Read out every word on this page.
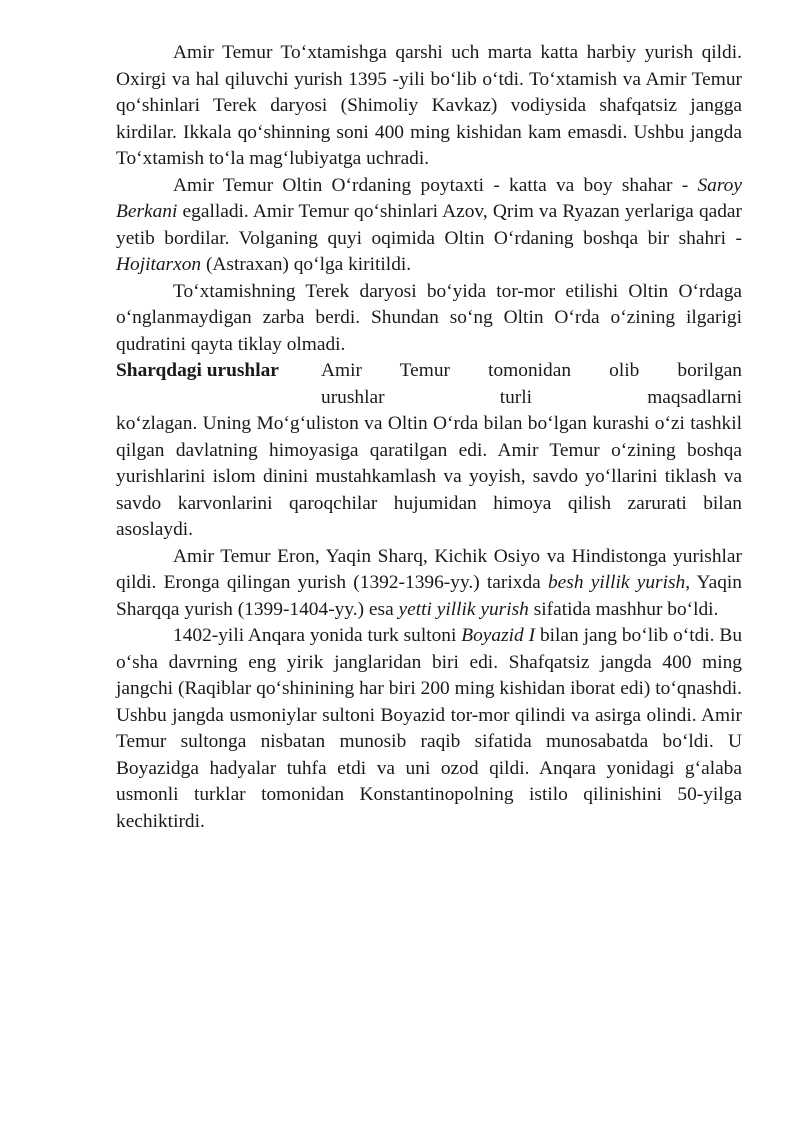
Amir Temur To‘xtamishga qarshi uch marta katta harbiy yurish qildi. Oxirgi va hal qiluvchi yurish 1395 -yili bo‘lib o‘tdi. To‘xtamish va Amir Temur qo‘shinlari Terek daryosi (Shimoliy Kavkaz) vodiysida shafqatsiz jangga kirdilar. Ikkala qo‘shinning soni 400 ming kishidan kam emasdi. Ushbu jangda To‘xtamish to‘la mag‘lubiyatga uchradi.

Amir Temur Oltin O‘rdaning poytaxti - katta va boy shahar - Saroy Berkani egalladi. Amir Temur qo‘shinlari Azov, Qrim va Ryazan yerlariga qadar yetib bordilar. Volganing quyi oqimida Oltin O‘rdaning boshqa bir shahri -Hojitarxon (Astraxan) qo‘lga kiritildi.

To‘xtamishning Terek daryosi bo‘yida tor-mor etilishi Oltin O‘rdaga o‘nglanmaydigan zarba berdi. Shundan so‘ng Oltin O‘rda o‘zining ilgarigi qudratini qayta tiklay olmadi.

Sharqdagi urushlar	Amir Temur tomonidan olib borilgan
urushlar turli maqsadlarni

ko‘zlagan. Uning Mo‘g‘uliston va Oltin O‘rda bilan bo‘lgan kurashi o‘zi tashkil qilgan davlatning himoyasiga qaratilgan edi. Amir Temur o‘zining boshqa yurishlarini islom dinini mustahkamlash va yoyish, savdo yo‘llarini tiklash va savdo karvonlarini qaroqchilar hujumidan himoya qilish zarurati bilan asoslaydi.

Amir Temur Eron, Yaqin Sharq, Kichik Osiyo va Hindistonga yurishlar qildi. Eronga qilingan yurish (1392-1396-yy.) tarixda besh yillik yurish, Yaqin Sharqqa yurish (1399-1404-yy.) esa yetti yillik yurish sifatida mashhur bo‘ldi.

1402-yili Anqara yonida turk sultoni Boyazid I bilan jang bo‘lib o‘tdi. Bu o‘sha davrning eng yirik janglaridan biri edi. Shafqatsiz jangda 400 ming jangchi (Raqiblar qo‘shinining har biri 200 ming kishidan iborat edi) to‘qnashdi. Ushbu jangda usmoniylar sultoni Boyazid tor-mor qilindi va asirga olindi. Amir Temur sultonga nisbatan munosib raqib sifatida munosabatda bo‘ldi. U Boyazidga hadyalar tuhfa etdi va uni ozod qildi. Anqara yonidagi g‘alaba usmonli turklar tomonidan Konstantinopolning istilo qilinishini 50-yilga kechiktirdi.
